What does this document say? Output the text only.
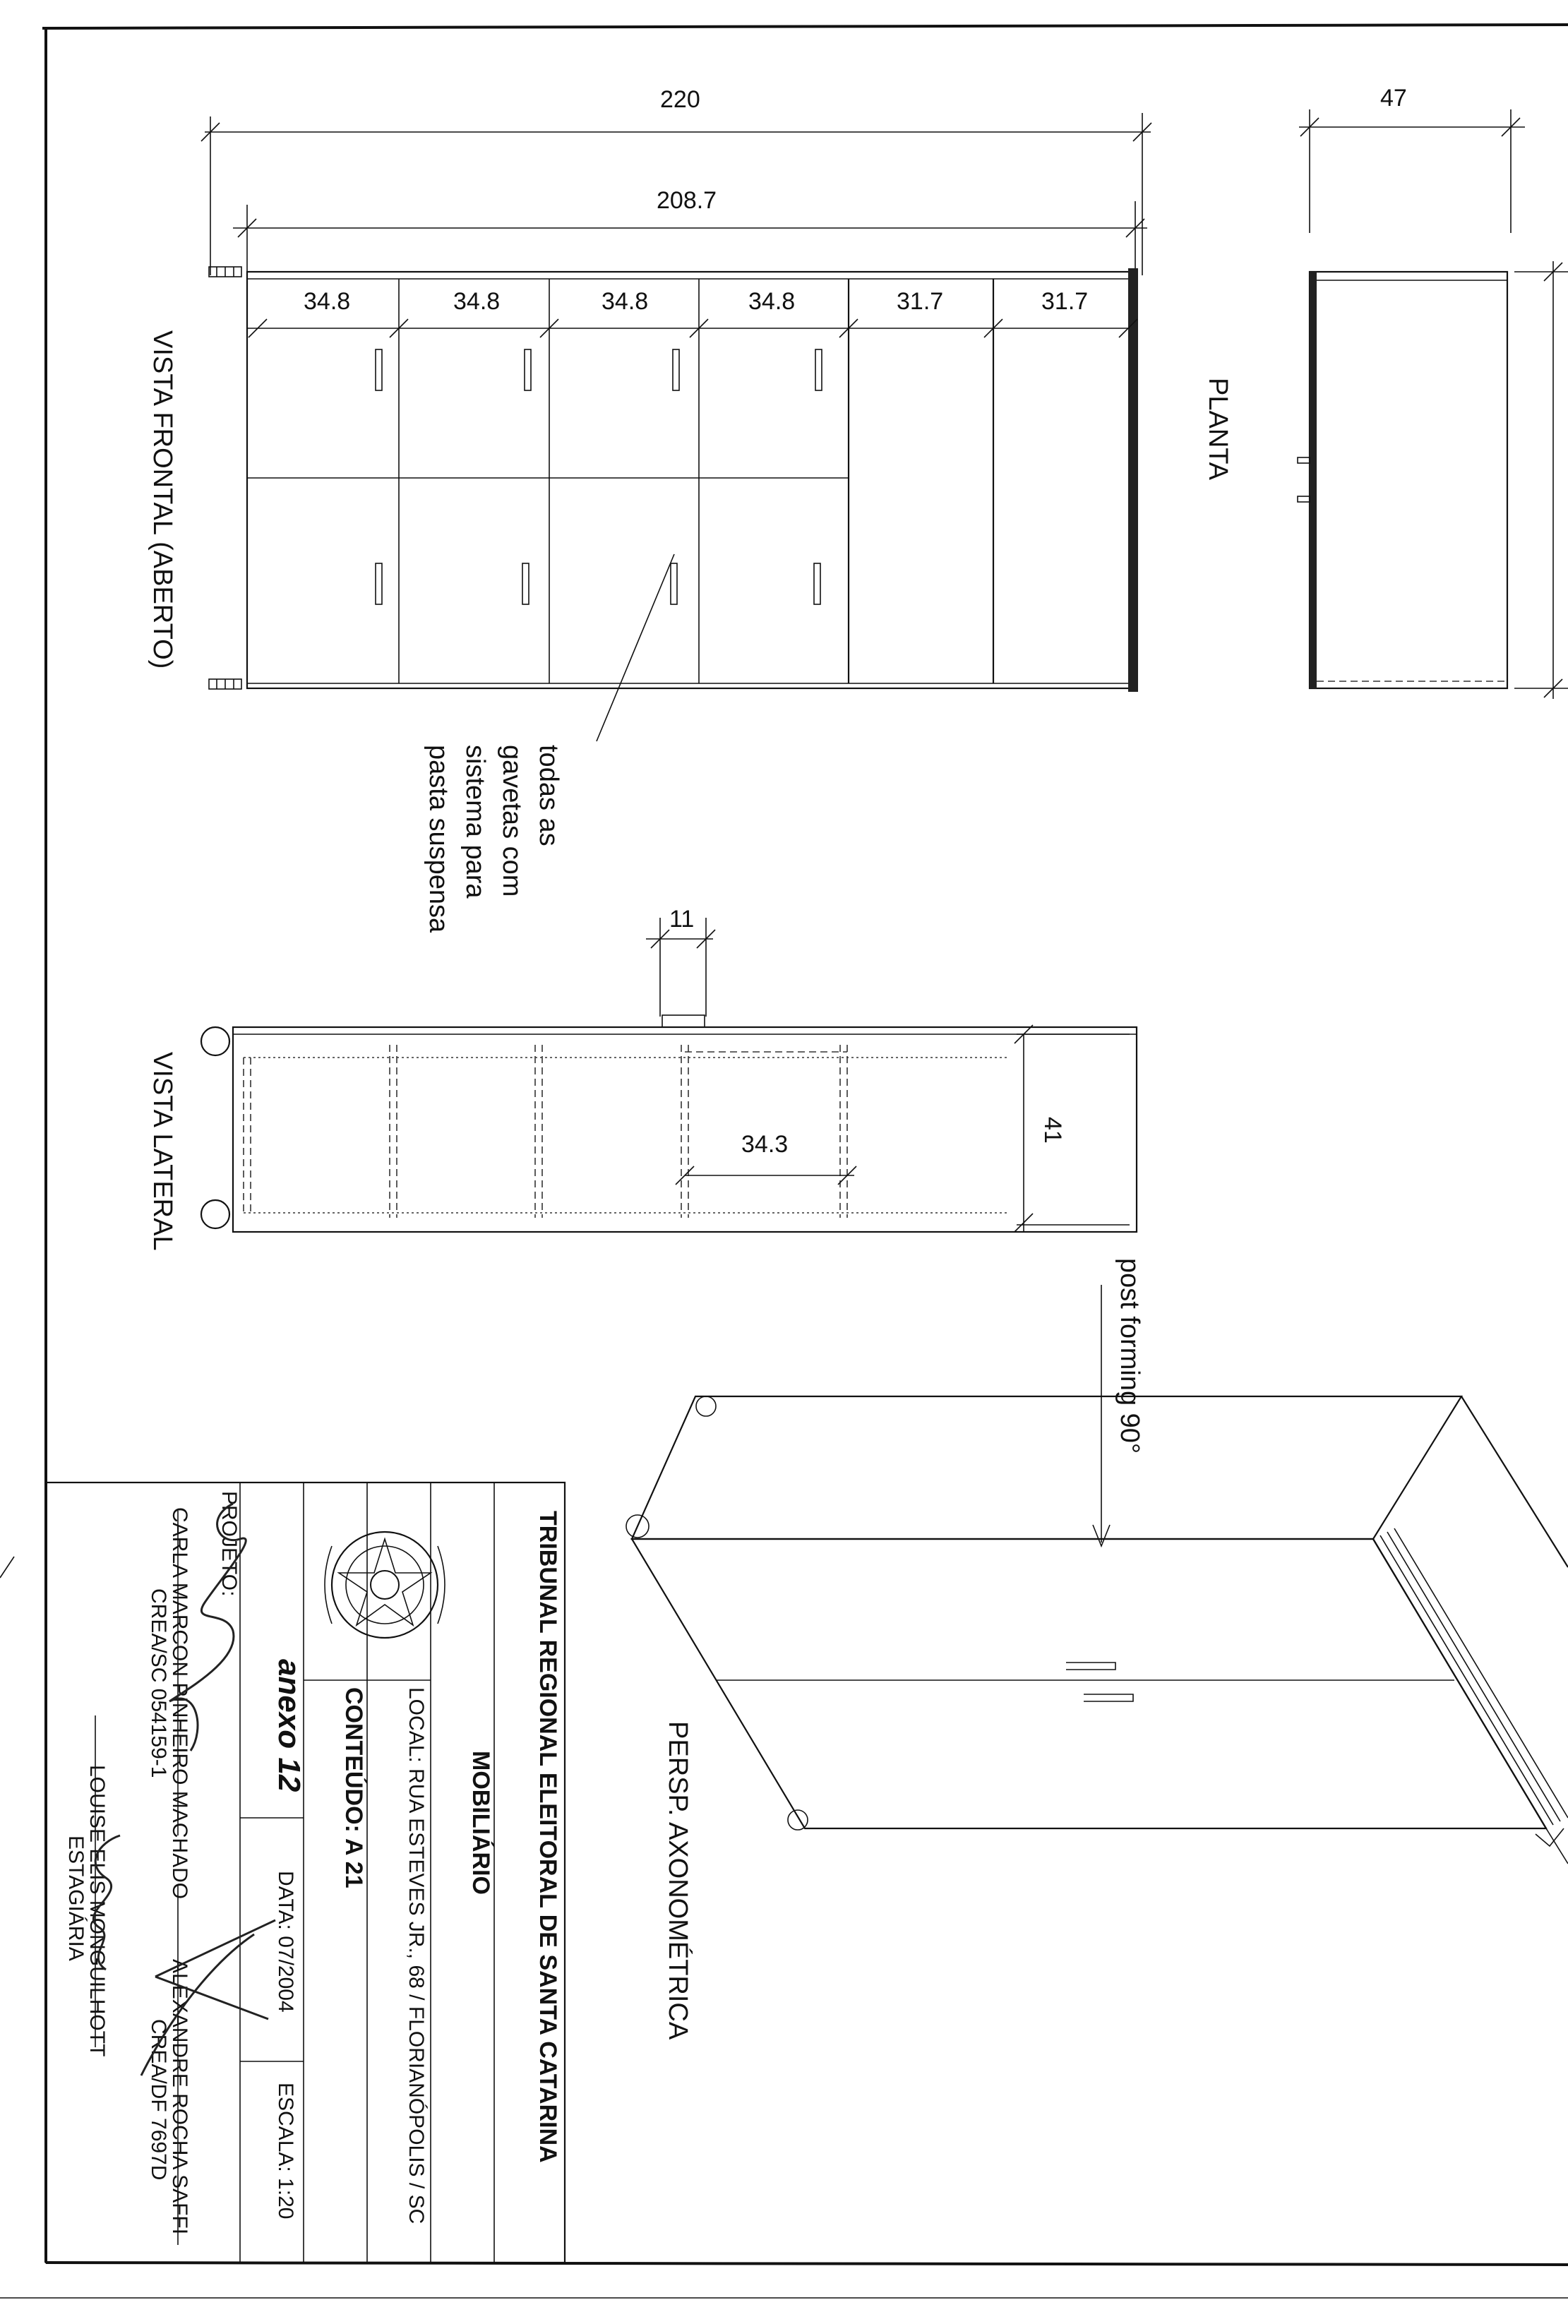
220
208.7
34.8	34.8	34.8	34.8	31.7	31.7
VISTA FRONTAL (ABERTO)
todas as
gavetas com
sistema para
pasta suspensa
47
PLANTA
11
34.3
41
VISTA LATERAL
post forming 90°
PERSP. AXONOMÉTRICA
TRIBUNAL REGIONAL ELEITORAL DE SANTA CATARINA
MOBILIÁRIO
LOCAL: RUA ESTEVES JR., 68 / FLORIANÓPOLIS / SC
CONTEÚDO: A 21
anexo 12
DATA: 07/2004
ESCALA: 1:20
PROJETO:
CARLA MARCON PINHEIRO MACHADO
CREA/SC 054159-1
ALEXANDRE ROCHA SAFFI
CREA/DF 7697D
LOUISE ELIS MONGUILHOTT
ESTAGIÁRIA
